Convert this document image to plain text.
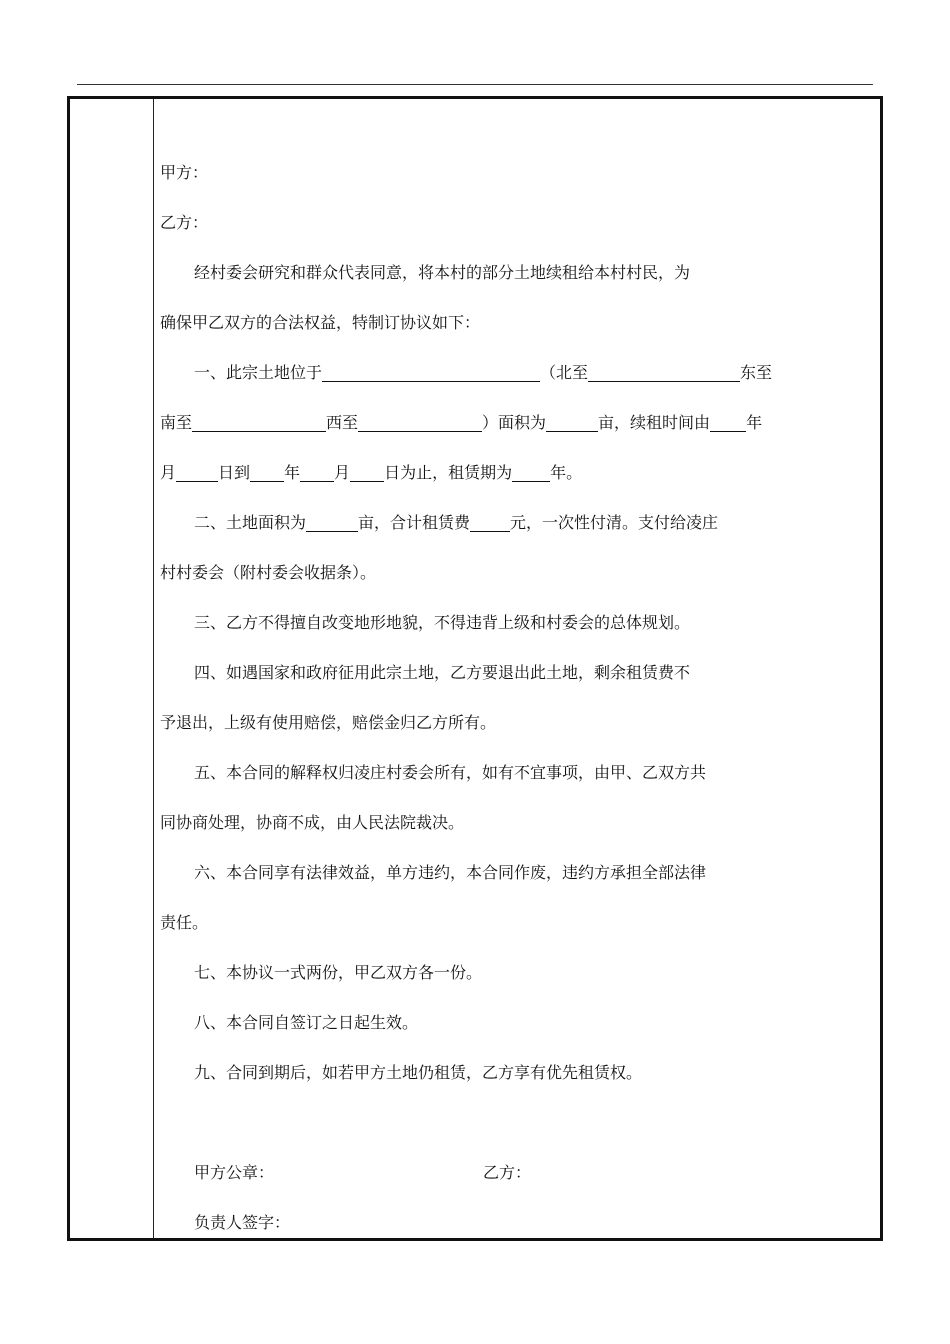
甲方：
乙方：
经村委会研究和群众代表同意，将本村的部分土地续租给本村村民，为
确保甲乙双方的合法权益，特制订协议如下：
一、此宗土地位于	（北至	东至
南至	西至	）面积为	亩，续租时间由 年
月	日到 年 月 日为止，租赁期为 年。
二、土地面积为	亩，合计租赁费	元，一次性付清。支付给凌庄
村村委会（附村委会收据条）。
三、乙方不得擅自改变地形地貌，不得违背上级和村委会的总体规划。
四、如遇国家和政府征用此宗土地，乙方要退出此土地，剩余租赁费不
予退出，上级有使用赔偿，赔偿金归乙方所有。
五、本合同的解释权归凌庄村委会所有，如有不宜事项，由甲、乙双方共
同协商处理，协商不成，由人民法院裁决。
六、本合同享有法律效益，单方违约，本合同作废，违约方承担全部法律
责任。
七、本协议一式两份，甲乙双方各一份。
八、本合同自签订之日起生效。
九、合同到期后，如若甲方土地仍租赁，乙方享有优先租赁权。
甲方公章：	乙方：
负责人签字：
